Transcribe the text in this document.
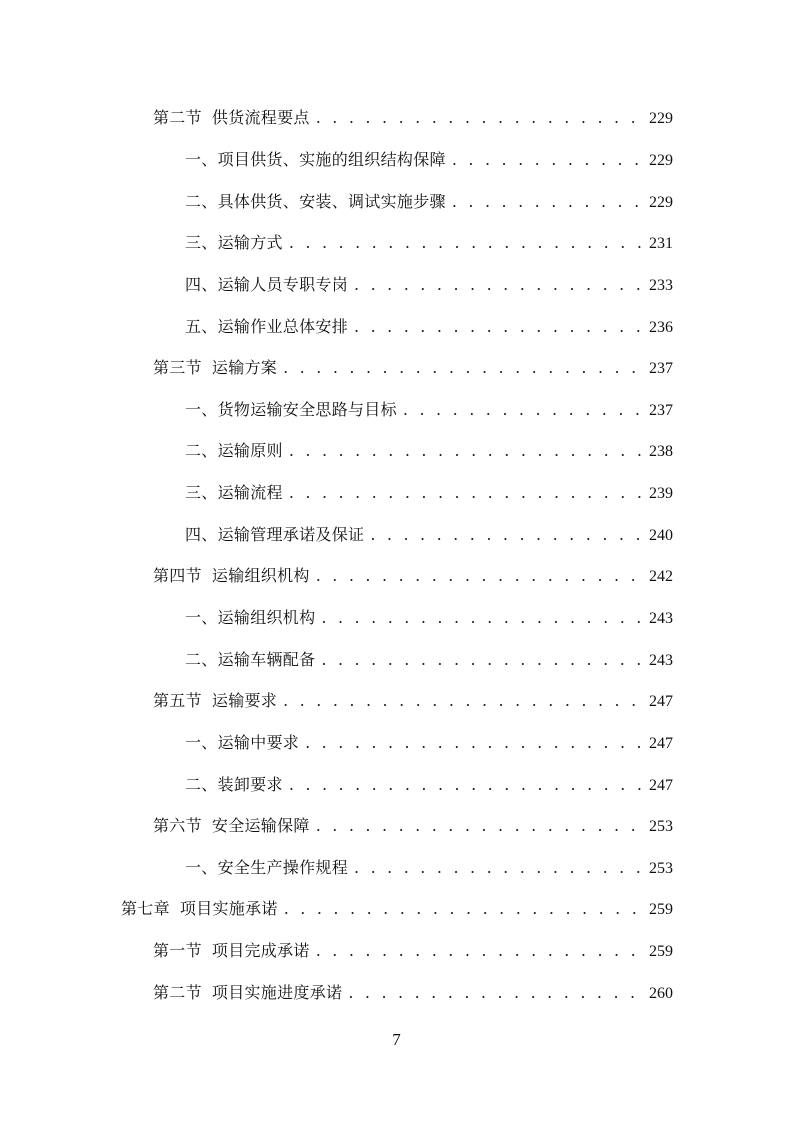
第二节 供货流程要点 . . .	229
一、项目供货、实施的组织结构保障 . . .	229
二、具体供货、安装、调试实施步骤 . . .	229
三、运输方式 . . .	231
四、运输人员专职专岗 . . .	233
五、运输作业总体安排 . . .	236
第三节 运输方案 . . .	237
一、货物运输安全思路与目标 . . .	237
二、运输原则 . . .	238
三、运输流程 . . .	239
四、运输管理承诺及保证 . . .	240
第四节 运输组织机构 . . .	242
一、运输组织机构 . . .	243
二、运输车辆配备 . . .	243
第五节 运输要求 . . .	247
一、运输中要求 . . .	247
二、装卸要求 . . .	247
第六节 安全运输保障 . . .	253
一、安全生产操作规程 . . .	253
第七章 项目实施承诺 . . .	259
第一节 项目完成承诺 . . .	259
第二节 项目实施进度承诺 . . .	260
7
